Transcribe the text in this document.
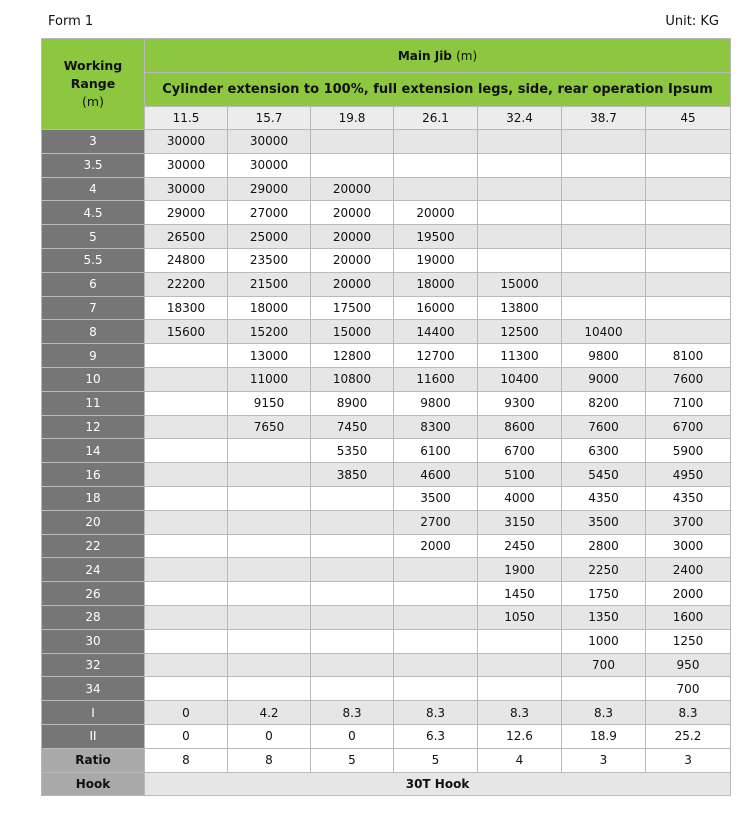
Form 1	Unit: KG
Working Range
(m)	Main Jib (m)						
	Cylinder extension to 100%, full extension legs, side, rear operation Ipsum						
	11.5	15.7	19.8	26.1	32.4	38.7	45
3	30000	30000					
3.5	30000	30000					
4	30000	29000	20000				
4.5	29000	27000	20000	20000			
5	26500	25000	20000	19500			
5.5	24800	23500	20000	19000			
6	22200	21500	20000	18000	15000		
7	18300	18000	17500	16000	13800		
8	15600	15200	15000	14400	12500	10400	
9		13000	12800	12700	11300	9800	8100
10		11000	10800	11600	10400	9000	7600
11		9150	8900	9800	9300	8200	7100
12		7650	7450	8300	8600	7600	6700
14			5350	6100	6700	6300	5900
16			3850	4600	5100	5450	4950
18				3500	4000	4350	4350
20				2700	3150	3500	3700
22				2000	2450	2800	3000
24					1900	2250	2400
26					1450	1750	2000
28					1050	1350	1600
30						1000	1250
32						700	950
34							700
I	0	4.2	8.3	8.3	8.3	8.3	8.3
II	0	0	0	6.3	12.6	18.9	25.2
Ratio	8	8	5	5	4	3	3
Hook	30T Hook						
